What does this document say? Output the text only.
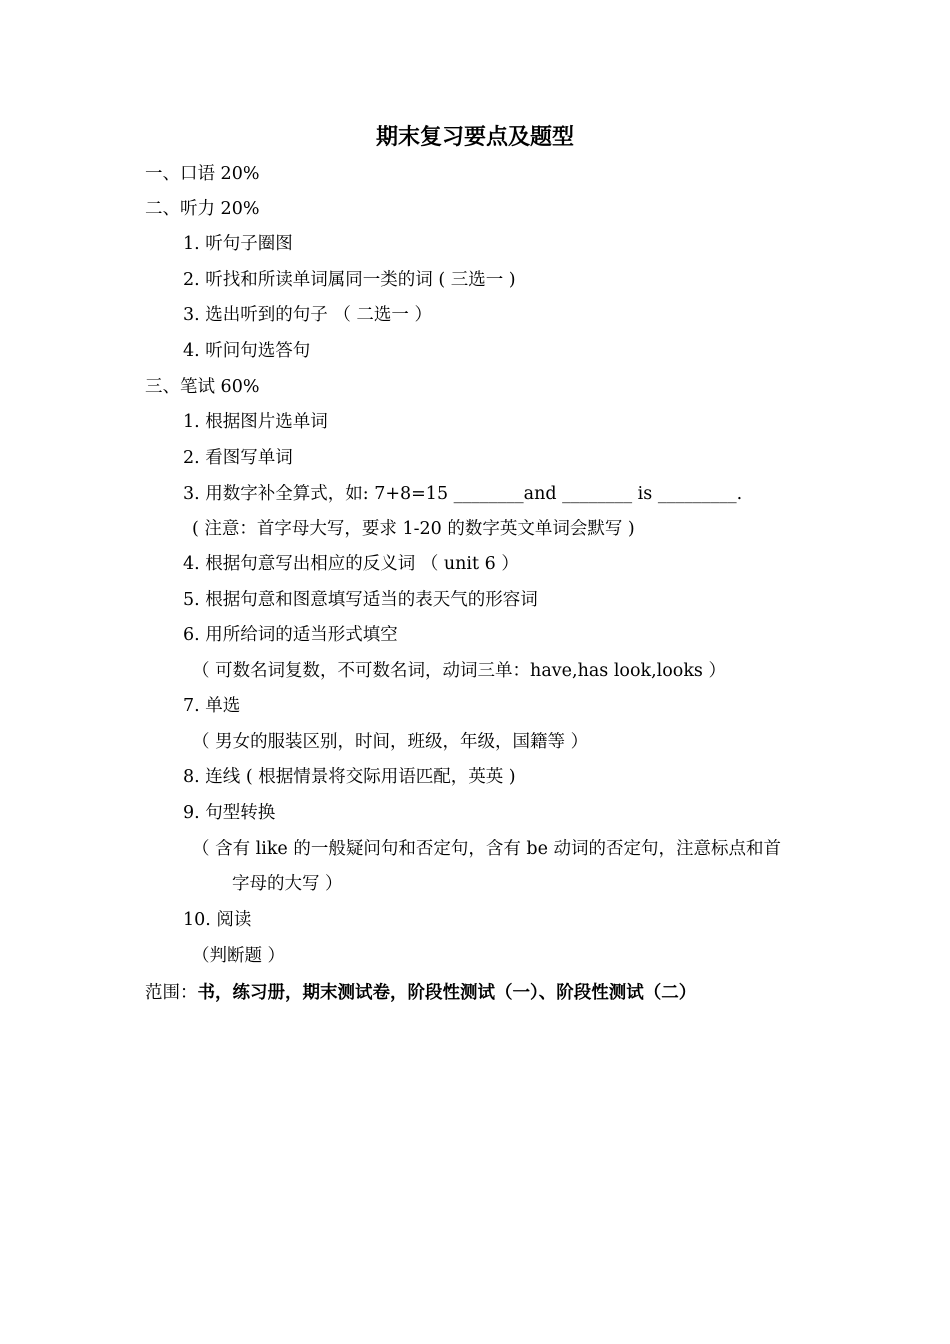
期末复习要点及题型
一、口语 20%
二、听力 20%
1. 听句子圈图
2. 听找和所读单词属同一类的词 ( 三选一 )
3. 选出听到的句子 （ 二选一 ）
4. 听问句选答句
三、笔试 60%
1. 根据图片选单词
2. 看图写单词
3. 用数字补全算式，如: 7+8=15 ________and ________ is _________.
( 注意：首字母大写，要求 1-20 的数字英文单词会默写 )
4. 根据句意写出相应的反义词 （ unit 6 ）
5. 根据句意和图意填写适当的表天气的形容词
6. 用所给词的适当形式填空
（ 可数名词复数，不可数名词，动词三单：have,has look,looks ）
7. 单选
（ 男女的服装区别，时间，班级，年级，国籍等 ）
8. 连线 ( 根据情景将交际用语匹配，英英 )
9. 句型转换
（ 含有 like 的一般疑问句和否定句，含有 be 动词的否定句，注意标点和首
字母的大写 ）
10. 阅读
（判断题 ）
范围：书，练习册，期末测试卷，阶段性测试（一）、阶段性测试（二）
